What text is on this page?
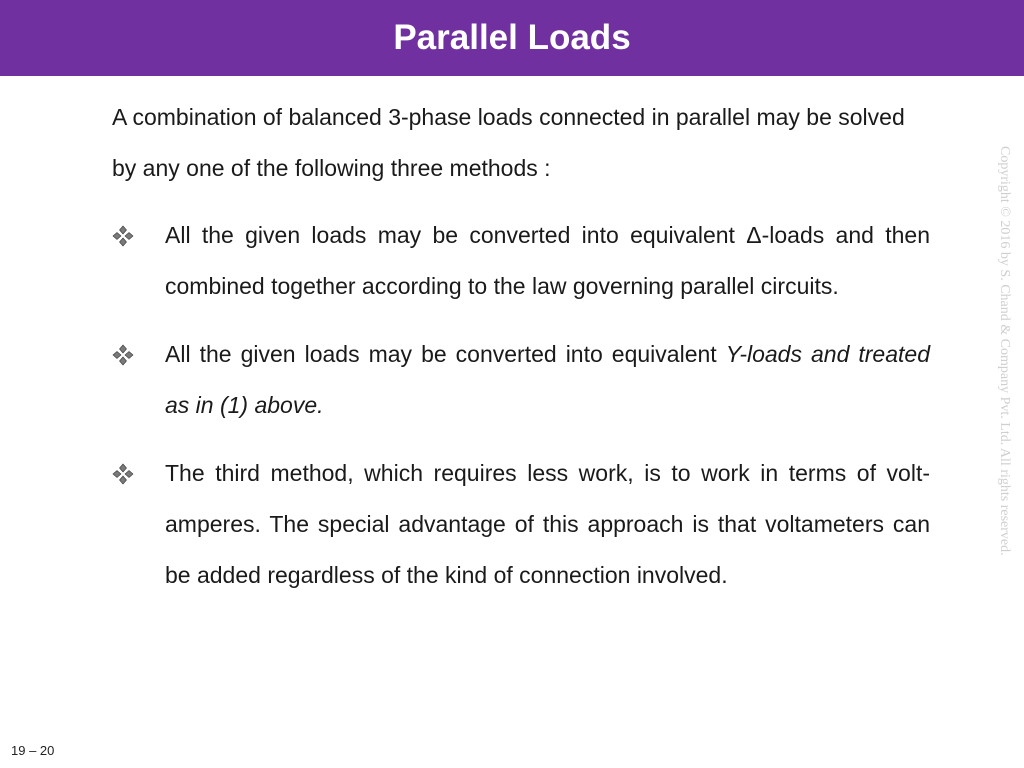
Parallel Loads

A combination of balanced 3-phase loads connected in parallel may be solved by any one of the following three methods :

All the given loads may be converted into equivalent Δ-loads and then combined together according to the law governing parallel circuits.
All the given loads may be converted into equivalent Y-loads and treated as in (1) above.
The third method, which requires less work, is to work in terms of volt-amperes. The special advantage of this approach is that voltameters can be added regardless of the kind of connection involved.
Copyright © 2016 by S. Chand & Company Pvt. Ltd. All rights reserved.
19 – 20
